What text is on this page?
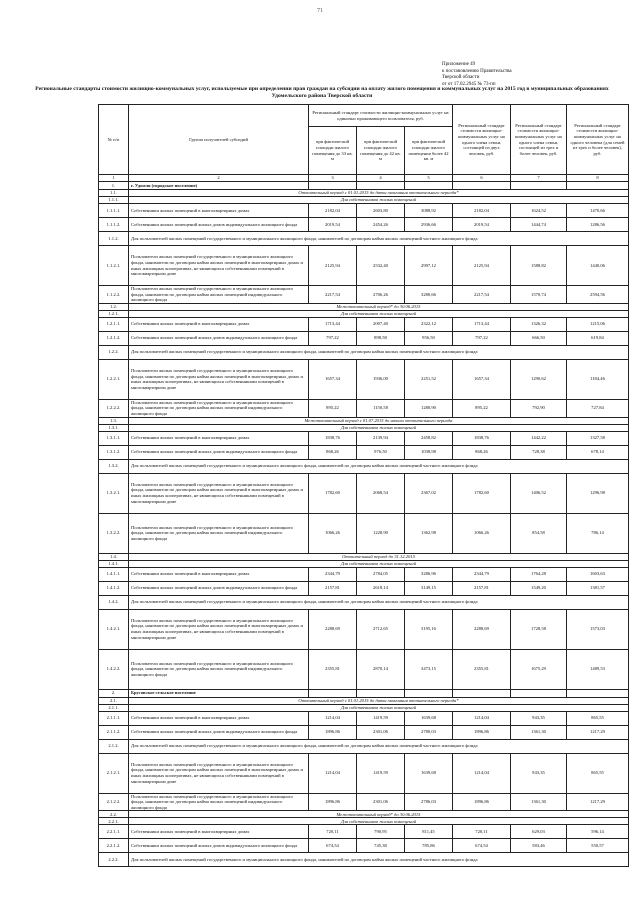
71
Приложение 49
к постановлению Правительства
Тверской области
от от 17.02.2945 № 73-пп
Региональные стандарты стоимости жилищно-коммунальных услуг, используемые при определении прав граждан на субсидии на оплату жилого помещения и коммунальных услуг на 2015 год в муниципальных образованиях Удомельского района Тверской области
№ п/п	Группа получателей субсидий	Региональный стандарт стоимости жилищно-коммунальных услуг на одиночно проживающего пользователя, руб.			Региональный стандарт стоимости жилищно-коммунальных услуг на одного члена семьи, состоящей из двух человек, руб.	Региональный стандарт стоимости жилищно-коммунальных услуг на одного члена семьи, состоящей из трех и более человек, руб.	Региональный стандарт стоимости жилищно-коммунальных услуг на одного человека (для семей из трех и более человек), руб.
		при фактической площади жилого помещения до 33 кв. м	при фактической площади жилого помещения до 42 кв. м	при фактической площади жилого помещения более 42 кв. м			
1	2	3	4	5	6	7	8
1.	г. Удомля (городское поселение)						
1.1.	Отопительный период с 01.01.2015 до даты окончания отопительного периода*						
1.1.1.	Для собственников жилых помещений						
1.1.1.1.	Собственники жилых помещений в многоквартирных домах	2182,04	2603,80	3088,92	2182,04	1624,52	1470,66
1.1.1.2.	Собственники жилых помещений жилых домов индивидуального жилищного фонда	2019,54	2454,26	2936,66	2019,54	1444,74	1286,56
1.1.2.	Для пользователей жилых помещений государственного и муниципального жилищного фонда, нанимателей по договорам найма жилых помещений частного жилищного фонда						
1.1.2.1.	Пользователи жилых помещений государственного и муниципального жилищного фонда, наниматели по договорам найма жилых помещений в многоквартирных домах и иных жилищных кооперативах, не являющихся собственниками помещений в многоквартирном доме	2125,94	2532,40	2997,12	2125,94	1588,82	1440,06
1.1.2.2.	Пользователи жилых помещений государственного и муниципального жилищного фонда, наниматели по договорам найма жилых помещений индивидуального жилищного фонда	2217,54	2706,26	3280,66	2217,54	1570,74	2594,56
1.2.	Межотопительный период* до 30.06.2015						
1.2.1.	Для собственников жилых помещений						
1.2.1.1.	Собственники жилых помещений в многоквартирных домах	1713,44	2007,40	2322,12	1713,44	1326,32	1215,06
1.2.1.2.	Собственники жилых помещений жилых домов индивидуального жилищного фонда	797,22	898,58	956,50	797,22	666,50	619,84
1.2.2.	Для пользователей жилых помещений государственного и муниципального жилищного фонда, нанимателей по договорам найма жилых помещений частного жилищного фонда						
1.2.2.1.	Пользователи жилых помещений государственного и муниципального жилищного фонда, наниматели по договорам найма жилых помещений в многоквартирных домах и иных жилищных кооперативах, не являющихся собственниками помещений в многоквартирном доме	1657,34	1936,00	2251,52	1657,34	1290,62	1184,46
1.2.2.2.	Пользователи жилых помещений государственного и муниципального жилищного фонда, наниматели по договорам найма жилых помещений индивидуального жилищного фонда	895,22	1150,58	1280,90	895,22	792,90	727,84
1.3.	Межотопительный период с 01.07.2015 до начала отопительного периода						
1.3.1.	Для собственников жилых помещений						
1.3.1.1.	Собственники жилых помещений в многоквартирных домах	1838,76	2139,94	2458,82	1838,76	1442,22	1327,58
1.3.1.2.	Собственники жилых помещений жилых домов индивидуального жилищного фонда	868,26	976,50	1038,98	868,26	728,38	678,14
1.3.2.	Для пользователей жилых помещений государственного и муниципального жилищного фонда, нанимателей по договорам найма жилых помещений частного жилищного фонда						
1.3.2.1.	Пользователи жилых помещений государственного и муниципального жилищного фонда, наниматели по договорам найма жилых помещений в многоквартирных домах и иных жилищных кооперативах, не являющихся собственниками помещений в многоквартирном доме	1782,60	2068,54	2367,02	1782,60	1406,52	1296,98
1.3.2.2.	Пользователи жилых помещений государственного и муниципального жилищного фонда, наниматели по договорам найма жилых помещений индивидуального жилищного фонда	1066,26	1228,90	1362,98	1066,26	854,58	786,14
1.4.	Отопительный период до 31.12.2015						
1.4.1.	Для собственников жилых помещений						
1.4.1.1.	Собственники жилых помещений в многоквартирных домах	2344,79	2784,05	3286,96	2344,79	1764,28	1603,63
1.4.1.2.	Собственники жилых помещений жилых домов индивидуального жилищного фонда	2157,81	2618,14	3149,15	2157,81	1549,20	1381,57
1.4.2.	Для пользователей жилых помещений государственного и муниципального жилищного фонда, нанимателей по договорам найма жилых помещений частного жилищного фонда						
1.4.2.1.	Пользователи жилых помещений государственного и муниципального жилищного фонда, наниматели по договорам найма жилых помещений в многоквартирных домах и иных жилищных кооперативах, не являющихся собственниками помещений в многоквартирном доме	2288,69	2712,65	3195,16	2288,69	1728,58	1573,03
1.4.2.2.	Пользователи жилых помещений государственного и муниципального жилищного фонда, наниматели по договорам найма жилых помещений индивидуального жилищного фонда	2355,81	2870,14	3473,15	2355,81	1675,29	1489,53
2.	Брусовское сельское поселение						
2.1.	Отопительный период с 01.01.2015 до даты окончания отопительного периода*						
2.1.1.	Для собственников жилых помещений						
2.1.1.1.	Собственники жилых помещений в многоквартирных домах	1214,04	1419,59	1639,68	1214,04	943,35	865,55
2.1.1.2.	Собственники жилых помещений жилых домов индивидуального жилищного фонда	1896,86	2301,06	2780,03	1896,86	1361,30	1217,29
2.1.2.	Для пользователей жилых помещений государственного и муниципального жилищного фонда, нанимателей по договорам найма жилых помещений частного жилищного фонда						
2.1.2.1.	Пользователи жилых помещений государственного и муниципального жилищного фонда, наниматели по договорам найма жилых помещений в многоквартирных домах и иных жилищных кооперативах, не являющихся собственниками помещений в многоквартирном доме	1214,04	1419,59	1639,68	1214,04	943,35	865,55
2.1.2.2.	Пользователи жилых помещений государственного и муниципального жилищного фонда, наниматели по договорам найма жилых помещений индивидуального жилищного фонда	1896,86	2301,06	2786,03	1896,86	1361,30	1217,29
2.2.	Межотопительный период* до 30.06.2015						
2.2.1.	Для собственников жилых помещений						
2.2.1.1.	Собственники жилых помещений в многоквартирных домах	720,11	790,95	811,45	720,11	629,03	596,14
2.2.1.2.	Собственники жилых помещений жилых домов индивидуального жилищного фонда	674,54	745,38	785,86	674,54	583,46	550,57
2.2.2.	Для пользователей жилых помещений государственного и муниципального жилищного фонда, нанимателей по договорам найма жилых помещений частного жилищного фонда						
